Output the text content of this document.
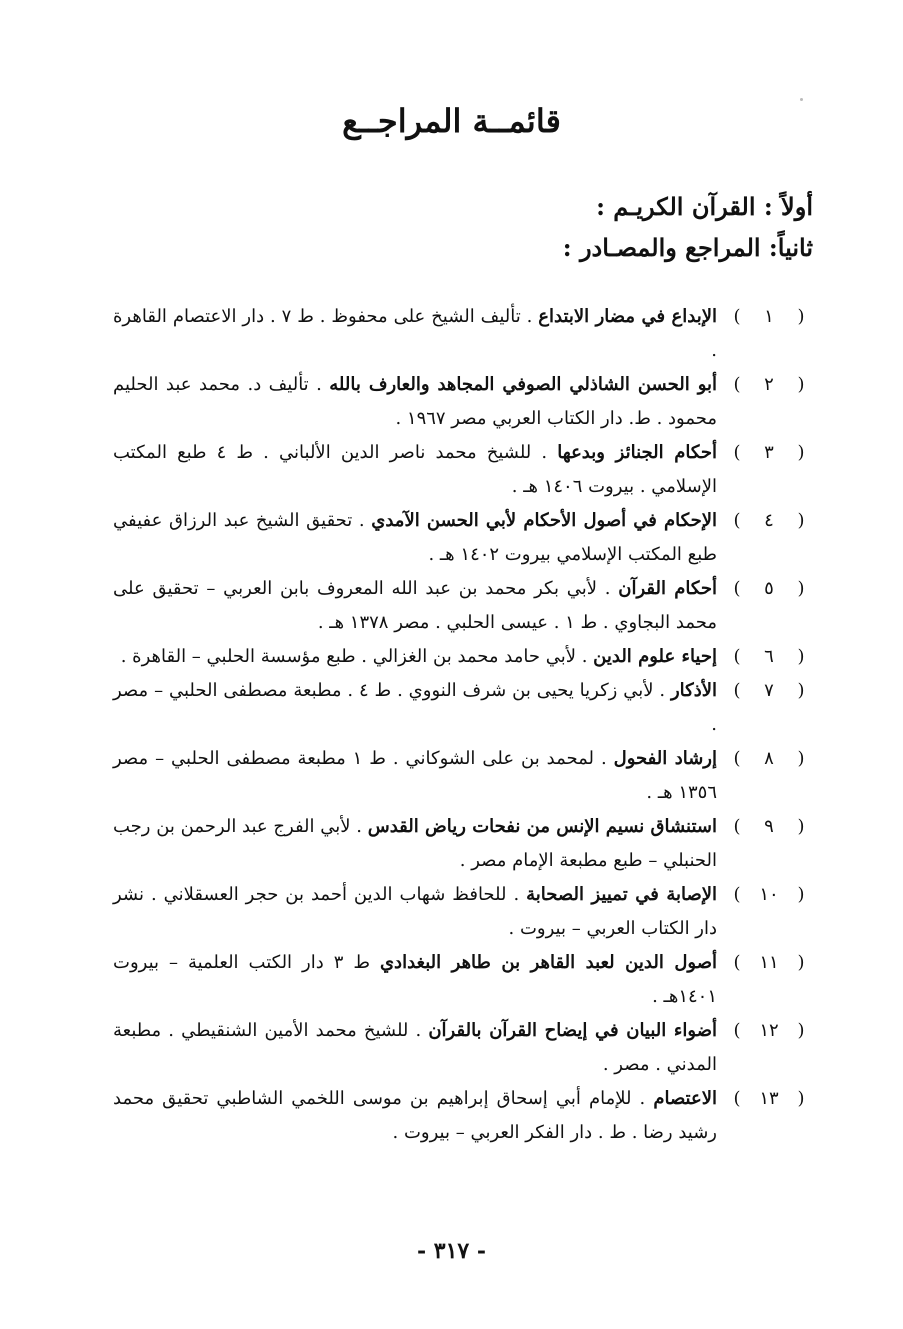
قائمــة المراجــع
أولاً : القرآن الكريـم :
ثانياً: المراجع والمصـادر :
(١)
الإبداع في مضار الابتداع . تأليف الشيخ على محفوظ . ط ٧ . دار الاعتصام القاهرة .
(٢)
أبو الحسن الشاذلي الصوفي المجاهد والعارف بالله . تأليف د. محمد عبد الحليم محمود . ط. دار الكتاب العربي مصر ١٩٦٧ .
(٣)
أحكام الجنائز وبدعها . للشيخ محمد ناصر الدين الألباني . ط ٤ طبع المكتب الإسلامي . بيروت ١٤٠٦ هـ .
(٤)
الإحكام في أصول الأحكام لأبي الحسن الآمدي . تحقيق الشيخ عبد الرزاق عفيفي طبع المكتب الإسلامي بيروت ١٤٠٢ هـ .
(٥)
أحكام القرآن . لأبي بكر محمد بن عبد الله المعروف بابن العربي – تحقيق على محمد البجاوي . ط ١ . عيسى الحلبي . مصر ١٣٧٨ هـ .
(٦)
إحياء علوم الدين . لأبي حامد محمد بن الغزالي . طبع مؤسسة الحلبي – القاهرة .
(٧)
الأذكار . لأبي زكريا يحيى بن شرف النووي . ط ٤ . مطبعة مصطفى الحلبي – مصر .
(٨)
إرشاد الفحول . لمحمد بن على الشوكاني . ط ١ مطبعة مصطفى الحلبي – مصر ١٣٥٦ هـ .
(٩)
استنشاق نسيم الإنس من نفحات رياض القدس . لأبي الفرج عبد الرحمن بن رجب الحنبلي – طبع مطبعة الإمام مصر .
(١٠)
الإصابة في تمييز الصحابة . للحافظ شهاب الدين أحمد بن حجر العسقلاني . نشر دار الكتاب العربي – بيروت .
(١١)
أصول الدين لعبد القاهر بن طاهر البغدادي ط ٣ دار الكتب العلمية – بيروت ١٤٠١هـ .
(١٢)
أضواء البيان في إيضاح القرآن بالقرآن . للشيخ محمد الأمين الشنقيطي . مطبعة المدني . مصر .
(١٣)
الاعتصام . للإمام أبي إسحاق إبراهيم بن موسى اللخمي الشاطبي تحقيق محمد رشيد رضا . ط . دار الفكر العربي – بيروت .
- ٣١٧ -
